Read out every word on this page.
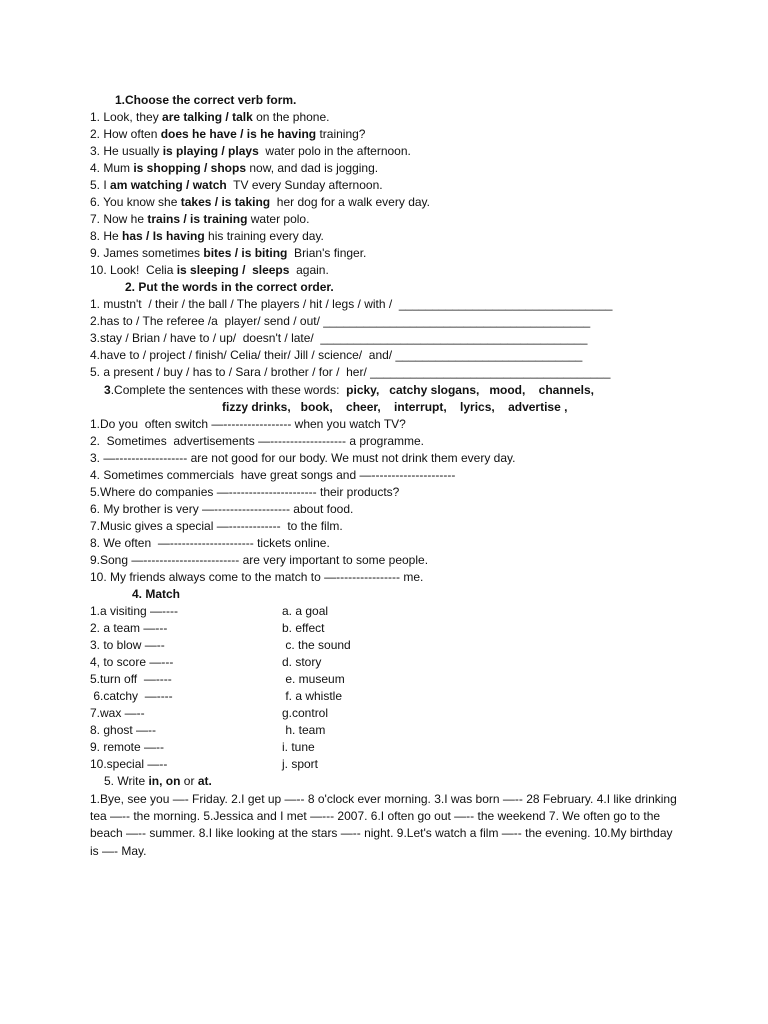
1.Choose the correct verb form.
1. Look, they are talking / talk on the phone.
2. How often does he have / is he having training?
3. He usually is playing / plays  water polo in the afternoon.
4. Mum is shopping / shops now, and dad is jogging.
5. I am watching / watch  TV every Sunday afternoon.
6. You know she takes / is taking  her dog for a walk every day.
7. Now he trains / is training water polo.
8. He has / Is having his training every day.
9. James sometimes bites / is biting  Brian's finger.
10. Look!  Celia is sleeping /  sleeps  again.
2. Put the words in the correct order.
1. mustn't  / their / the ball / The players / hit / legs / with /  ________________________________
2.has to / The referee /a  player/ send / out/ ________________________________________
3.stay / Brian / have to / up/  doesn't / late/  ________________________________________
4.have to / project / finish/ Celia/ their/ Jill / science/  and/ ____________________________
5. a present / buy / has to / Sara / brother / for /  her/ ____________________________________
3.Complete the sentences with these words: picky,   catchy slogans,   mood,    channels,
fizzy drinks,   book,    cheer,    interrupt,    lyrics,    advertise ,
1.Do you  often switch —----------------- when you watch TV?
2.  Sometimes  advertisements —------------------- a programme.
3. —------------------ are not good for our body. We must not drink them every day.
4. Sometimes commercials  have great songs and —---------------------
5.Where do companies —---------------------- their products?
6. My brother is very —------------------- about food.
7.Music gives a special —-------------  to the film.
8. We often  —--------------------- tickets online.
9.Song —------------------------ are very important to some people.
10. My friends always come to the match to —---------------- me.
4. Match
1.a visiting —----	a. a goal
2. a team —---	b. effect
3. to blow —--	c. the sound
4, to score —---	d. story
5.turn off  —----	e. museum
6.catchy  —----	f. a whistle
7.wax —--	g.control
8. ghost —--	h. team
9. remote —--	i. tune
10.special —--	j. sport
5. Write in, on or at.
1.Bye, see you —- Friday. 2.I get up —-- 8 o'clock ever morning. 3.I was born —-- 28 February. 4.I like drinking tea —-- the morning. 5.Jessica and I met —--- 2007. 6.I often go out —-- the weekend 7. We often go to the beach —-- summer. 8.I like looking at the stars —-- night. 9.Let's watch a film —-- the evening. 10.My birthday is —- May.
